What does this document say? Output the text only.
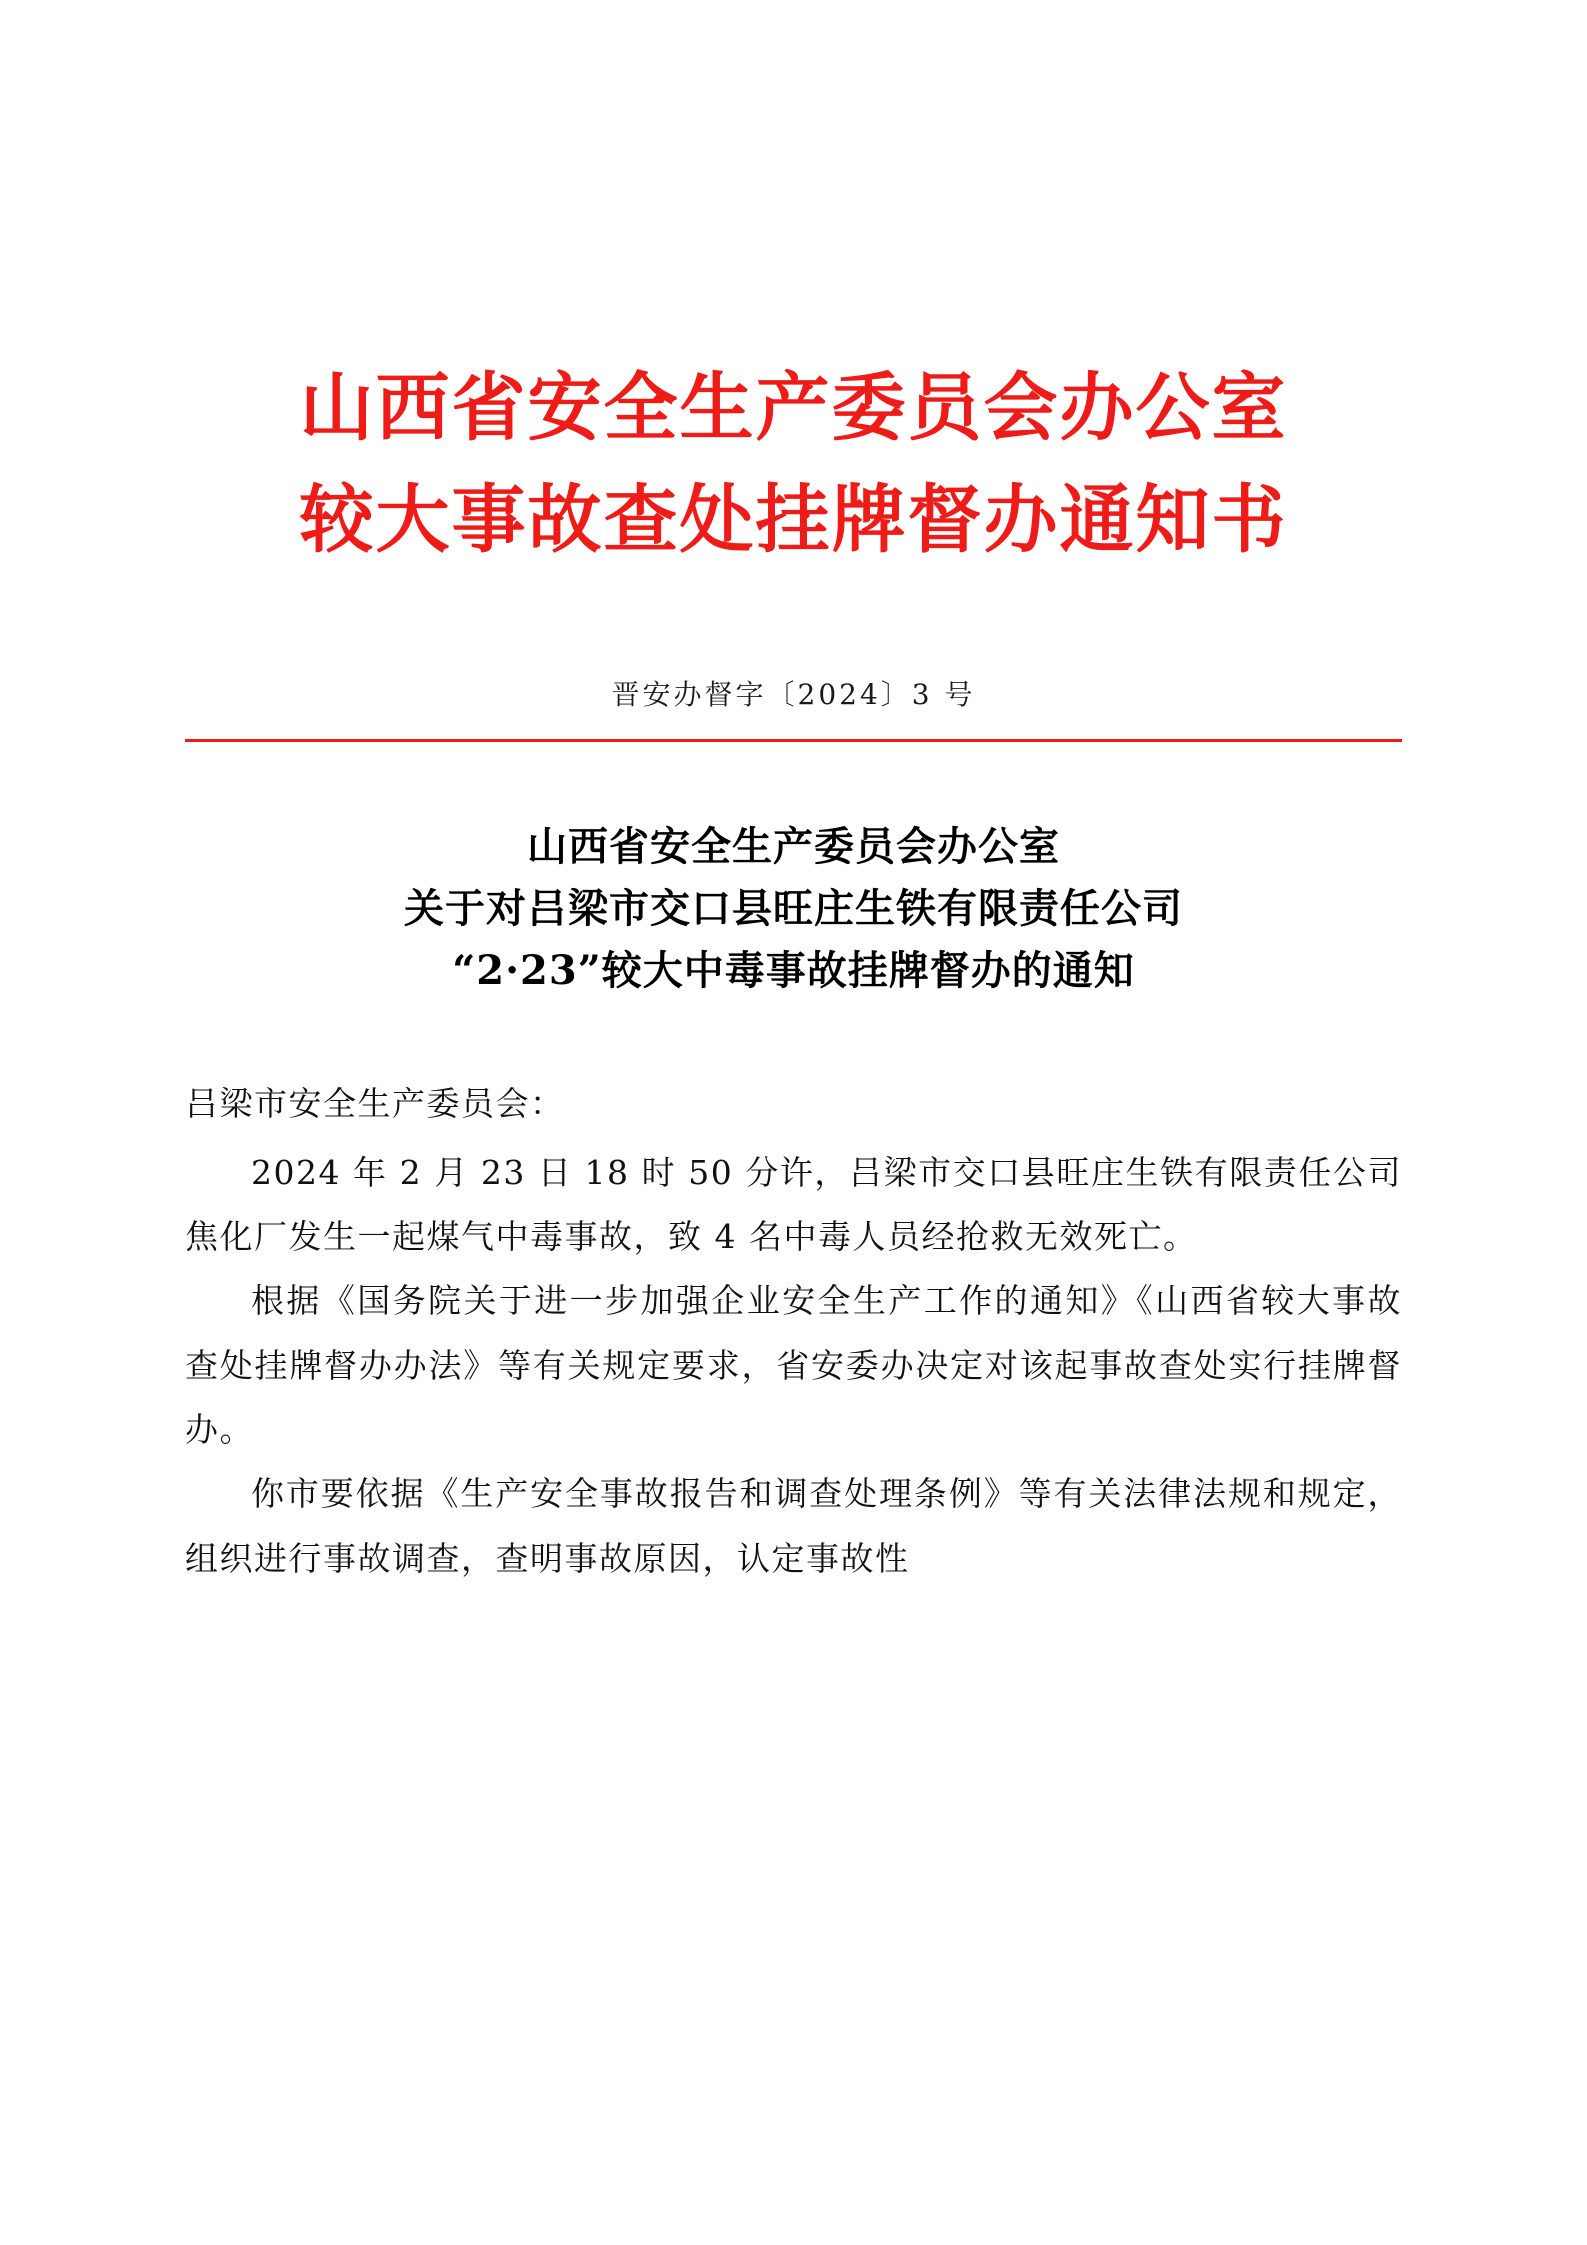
山西省安全生产委员会办公室
较大事故查处挂牌督办通知书
晋安办督字〔2024〕3 号
山西省安全生产委员会办公室
关于对吕梁市交口县旺庄生铁有限责任公司
“2·23”较大中毒事故挂牌督办的通知

吕梁市安全生产委员会：

2024 年 2 月 23 日 18 时 50 分许，吕梁市交口县旺庄生铁有限责任公司焦化厂发生一起煤气中毒事故，致 4 名中毒人员经抢救无效死亡。

根据《国务院关于进一步加强企业安全生产工作的通知》《山西省较大事故查处挂牌督办办法》等有关规定要求，省安委办决定对该起事故查处实行挂牌督办。

你市要依据《生产安全事故报告和调查处理条例》等有关法律法规和规定，组织进行事故调查，查明事故原因，认定事故性
